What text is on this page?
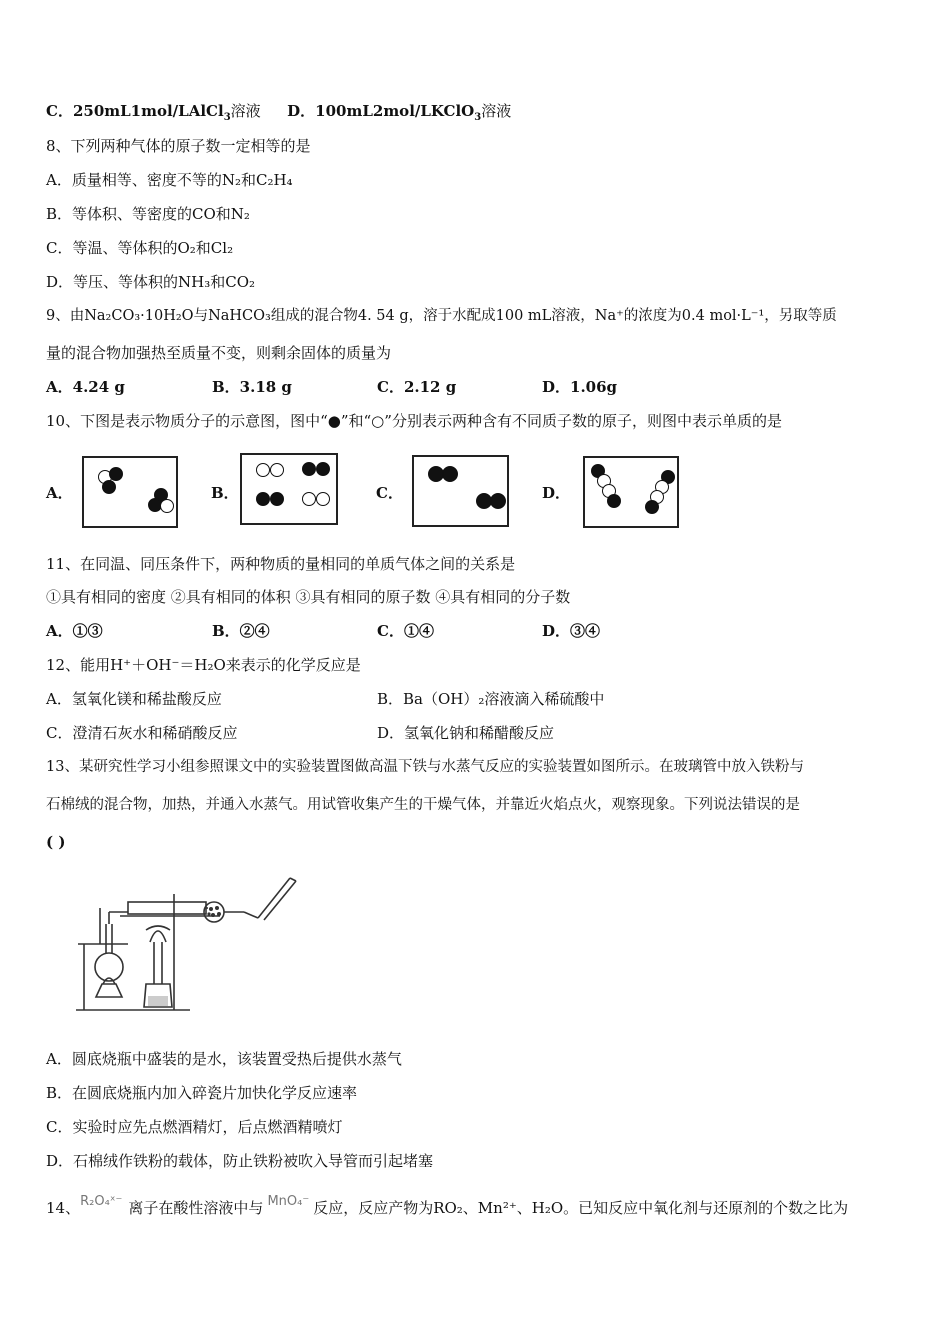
C．250mL1mol/LAlCl$_3$溶液 D．100mL2mol/LKClO$_3$溶液
8、下列两种气体的原子数一定相等的是
A．质量相等、密度不等的N₂和C₂H₄
B．等体积、等密度的CO和N₂
C．等温、等体积的O₂和Cl₂
D．等压、等体积的NH₃和CO₂
9、由Na₂CO₃·10H₂O与NaHCO₃组成的混合物4. 54 g，溶于水配成100 mL溶液，Na⁺的浓度为0.4 mol·L⁻¹，另取等质
量的混合物加强热至质量不变，则剩余固体的质量为
A．4.24 g	B．3.18 g	C．2.12 g	D．1.06g
10、下图是表示物质分子的示意图，图中“●”和“○”分别表示两种含有不同质子数的原子，则图中表示单质的是
A．	B．	C．	D．
11、在同温、同压条件下，两种物质的量相同的单质气体之间的关系是
①具有相同的密度 ②具有相同的体积 ③具有相同的原子数 ④具有相同的分子数
A．①③	B．②④	C．①④	D．③④
12、能用H⁺＋OH⁻＝H₂O来表示的化学反应是
A．氢氧化镁和稀盐酸反应	B．Ba（OH）₂溶液滴入稀硫酸中
C．澄清石灰水和稀硝酸反应	D．氢氧化钠和稀醋酸反应
13、某研究性学习小组参照课文中的实验装置图做高温下铁与水蒸气反应的实验装置如图所示。在玻璃管中放入铁粉与
石棉绒的混合物，加热，并通入水蒸气。用试管收集产生的干燥气体，并靠近火焰点火，观察现象。下列说法错误的是
( )
A．圆底烧瓶中盛装的是水，该装置受热后提供水蒸气
B．在圆底烧瓶内加入碎瓷片加快化学反应速率
C．实验时应先点燃酒精灯，后点燃酒精喷灯
D．石棉绒作铁粉的载体，防止铁粉被吹入导管而引起堵塞
14、R₂O₄ˣ⁻ 离子在酸性溶液中与 MnO₄⁻ 反应，反应产物为RO₂、Mn²⁺、H₂O。已知反应中氧化剂与还原剂的个数之比为
